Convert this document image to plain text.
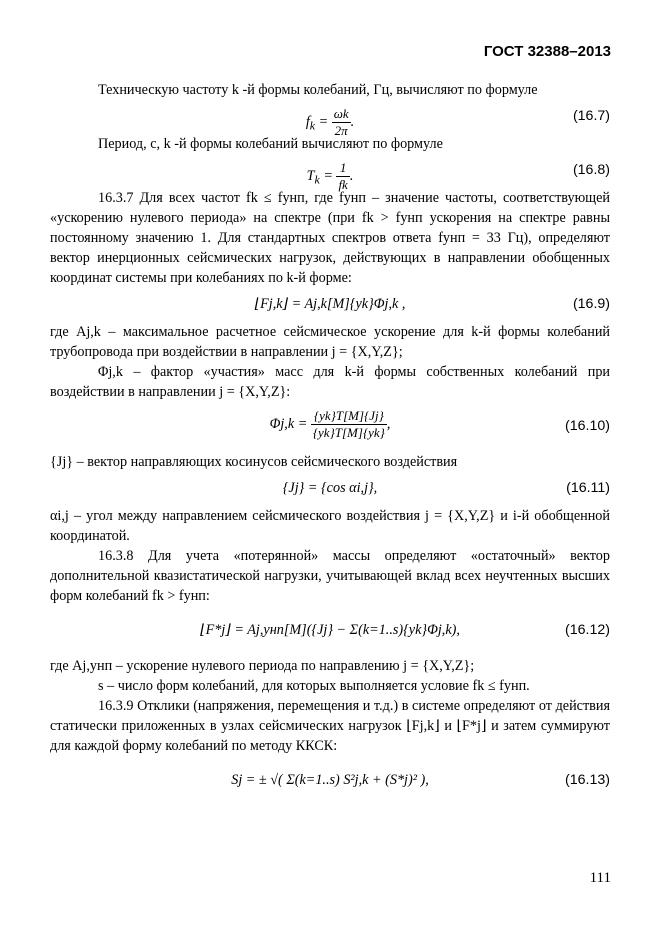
ГОСТ 32388–2013

Техническую частоту k -й формы колебаний, Гц, вычисляют по формуле

$f_k = \frac{\omega k}{2\pi}$ .	(16.7)

Период, с, k -й формы колебаний вычисляют по формуле

$T_k = \frac{1}{fk}$ .	(16.8)

16.3.7 Для всех частот fk ≤ fунп, где fунп – значение частоты, соответствующей «ускорению нулевого периода» на спектре (при fk > fунп ускорения на спектре равны постоянному значению 1. Для стандартных спектров ответа fунп = 33 Гц), определяют вектор инерционных сейсмических нагрузок, действующих в направлении обобщенных координат системы при колебаниях по k-й форме:

⌊Fj,k⌋ = Aj,k[M]{yk}Φj,k ,	(16.9)

где Aj,k – максимальное расчетное сейсмическое ускорение для k-й формы колебаний трубопровода при воздействии в направлении j = {X,Y,Z};

Φj,k – фактор «участия» масс для k-й формы собственных колебаний при воздействии в направлении j = {X,Y,Z}:

$\Phi j,k = \frac{\{yk\}T[M]\{Jj\}}{\{yk\}T[M]\{yk\}}$ ,	(16.10)

{Jj} – вектор направляющих косинусов сейсмического воздействия

{Jj} = {cos αi,j},	(16.11)

αi,j – угол между направлением сейсмического воздействия j = {X,Y,Z} и i-й обобщенной координатой.

16.3.8 Для учета «потерянной» массы определяют «остаточный» вектор дополнительной квазистатической нагрузки, учитывающей вклад всех неучтенных высших форм колебаний fk > fунп:

⌊F*j⌋ = Aj,унп[M]({Jj} − Σ(k=1..s){yk}Φj,k),	(16.12)

где Aj,унп – ускорение нулевого периода по направлению j = {X,Y,Z};

s – число форм колебаний, для которых выполняется условие fk ≤ fунп.

16.3.9 Отклики (напряжения, перемещения и т.д.) в системе определяют от действия статически приложенных в узлах сейсмических нагрузок ⌊Fj,k⌋ и ⌊F*j⌋ и затем суммируют для каждой форму колебаний по методу ККСК:

Sj = ± √( Σ(k=1..s) S²j,k + (S*j)² ),	(16.13)
111
